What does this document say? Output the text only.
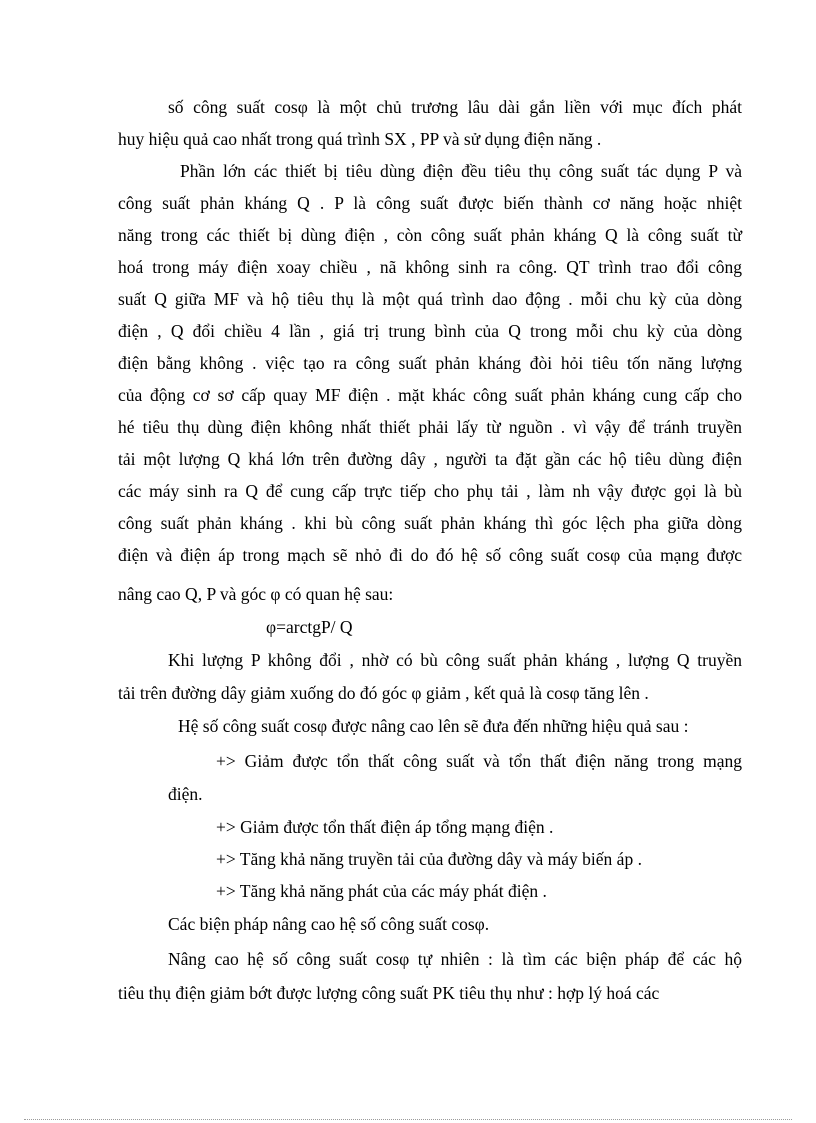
số công suất cosφ là một chủ trương lâu dài gắn liền với mục đích phát

huy hiệu quả cao nhất trong quá trình SX , PP và sử dụng điện năng .

Phần lớn các thiết bị tiêu dùng điện đều tiêu thụ công suất tác dụng P và

công suất phản kháng Q . P là công suất được biến thành cơ năng hoặc nhiệt

năng trong các thiết bị dùng điện , còn công suất phản kháng Q là công suất từ

hoá trong máy điện xoay chiều , nã không sinh ra công. QT trình trao đổi công

suất Q giữa MF và hộ tiêu thụ là một quá trình dao động . mỗi chu kỳ của dòng

điện , Q đổi chiều 4 lần , giá trị trung bình của Q trong mỗi chu kỳ của dòng

điện bằng không . việc tạo ra công suất phản kháng đòi hỏi tiêu tốn năng lượng

của động cơ sơ cấp quay MF điện . mặt khác công suất phản kháng cung cấp cho

hé tiêu thụ dùng điện không nhất thiết phải lấy từ nguồn . vì vậy để tránh truyền

tải một lượng Q khá lớn trên đường dây , người ta đặt gần các hộ tiêu dùng điện

các máy sinh ra Q để cung cấp trực tiếp cho phụ tải , làm nh vậy được gọi là bù

công suất phản kháng . khi bù công suất phản kháng thì góc lệch pha giữa dòng

điện và điện áp trong mạch sẽ nhỏ đi do đó hệ số công suất cosφ của mạng được

nâng cao Q, P và góc φ có quan hệ sau:

φ=arctgP/ Q

Khi lượng P không đổi , nhờ có bù công suất phản kháng , lượng Q truyền

tải trên đường dây giảm xuống do đó góc φ giảm , kết quả là cosφ tăng lên .

Hệ số công suất cosφ được nâng cao lên sẽ đưa đến những hiệu quả sau :

+> Giảm được tổn thất công suất và tổn thất điện năng trong mạng

điện.

+> Giảm được tổn thất điện áp tổng mạng điện .

+> Tăng khả năng truyền tải của đường dây và máy biến áp .

+> Tăng khả năng phát của các máy phát điện .

Các biện pháp nâng cao hệ số công suất cosφ.

Nâng cao hệ số công suất cosφ tự nhiên : là tìm các biện pháp để các hộ

tiêu thụ điện giảm bớt được lượng công suất PK tiêu thụ như : hợp lý hoá các
